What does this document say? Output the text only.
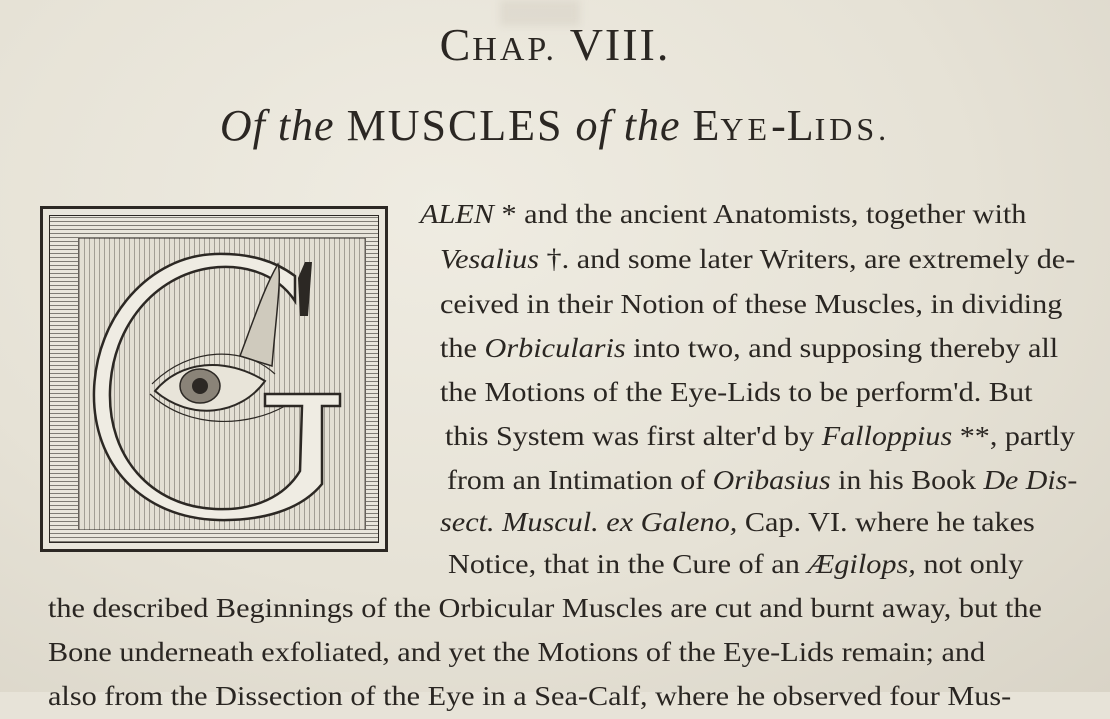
CHAP. VIII.
Of the MUSCLES of the EYE-LIDS.
ALEN * and the ancient Anatomists, together with
Vesalius †. and some later Writers, are extremely de-
ceived in their Notion of these Muscles, in dividing
the Orbicularis into two, and supposing thereby all
the Motions of the Eye-Lids to be perform'd. But
this System was first alter'd by Falloppius **, partly
from an Intimation of Oribasius in his Book De Dis-
sect. Muscul. ex Galeno, Cap. VI. where he takes
Notice, that in the Cure of an Ægilops, not only
the described Beginnings of the Orbicular Muscles are cut and burnt away, but the
Bone underneath exfoliated, and yet the Motions of the Eye-Lids remain; and
also from the Dissection of the Eye in a Sea-Calf, where he observed four Mus-
